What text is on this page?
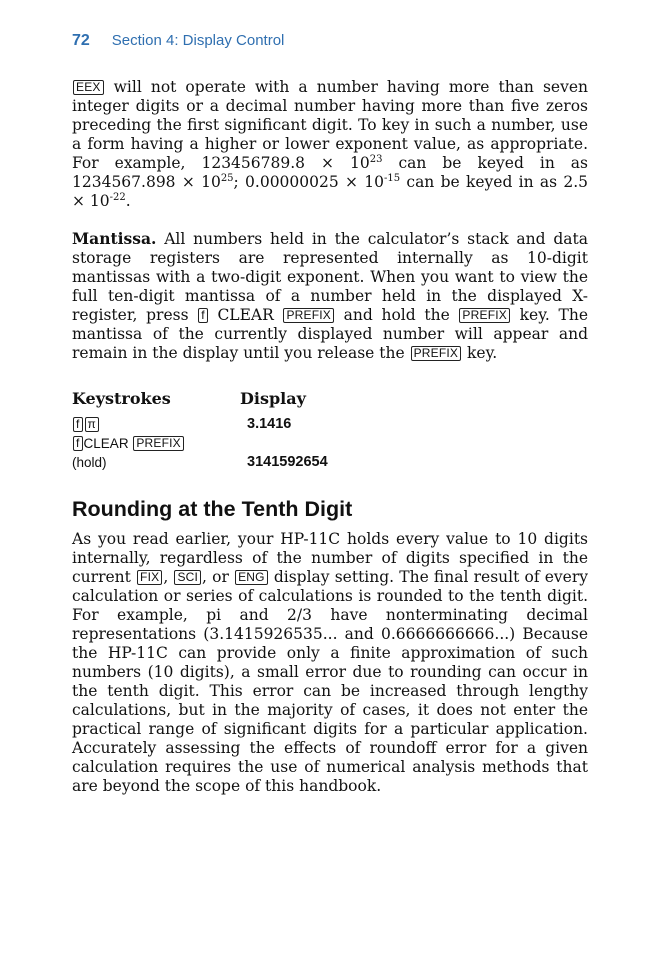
72 Section 4: Display Control

EEX will not operate with a number having more than seven integer digits or a decimal number having more than five zeros preceding the first significant digit. To key in such a number, use a form having a higher or lower exponent value, as appropriate. For example, $123456789.8 \times 10^{23}$ can be keyed in as $1234567.898 \times 10^{25}$; $0.00000025 \times 10^{-15}$ can be keyed in as $2.5 \times 10^{-22}$.

Mantissa. All numbers held in the calculator’s stack and data storage registers are represented internally as 10-digit mantissas with a two-digit exponent. When you want to view the full ten-digit mantissa of a number held in the displayed X-register, press f CLEAR PREFIX and hold the PREFIX key. The mantissa of the currently displayed number will appear and remain in the display until you release the PREFIX key.

Keystrokes	Display
f π	3.1416
f CLEAR PREFIX
(hold)	3141592654
Rounding at the Tenth Digit

As you read earlier, your HP-11C holds every value to 10 digits internally, regardless of the number of digits specified in the current FIX , SCI , or ENG display setting. The final result of every calculation or series of calculations is rounded to the tenth digit. For example, pi and 2/3 have nonterminating decimal representations (3.1415926535... and 0.6666666666...) Because the HP-11C can provide only a finite approximation of such numbers (10 digits), a small error due to rounding can occur in the tenth digit. This error can be increased through lengthy calculations, but in the majority of cases, it does not enter the practical range of significant digits for a particular application. Accurately assessing the effects of roundoff error for a given calculation requires the use of numerical analysis methods that are beyond the scope of this handbook.
